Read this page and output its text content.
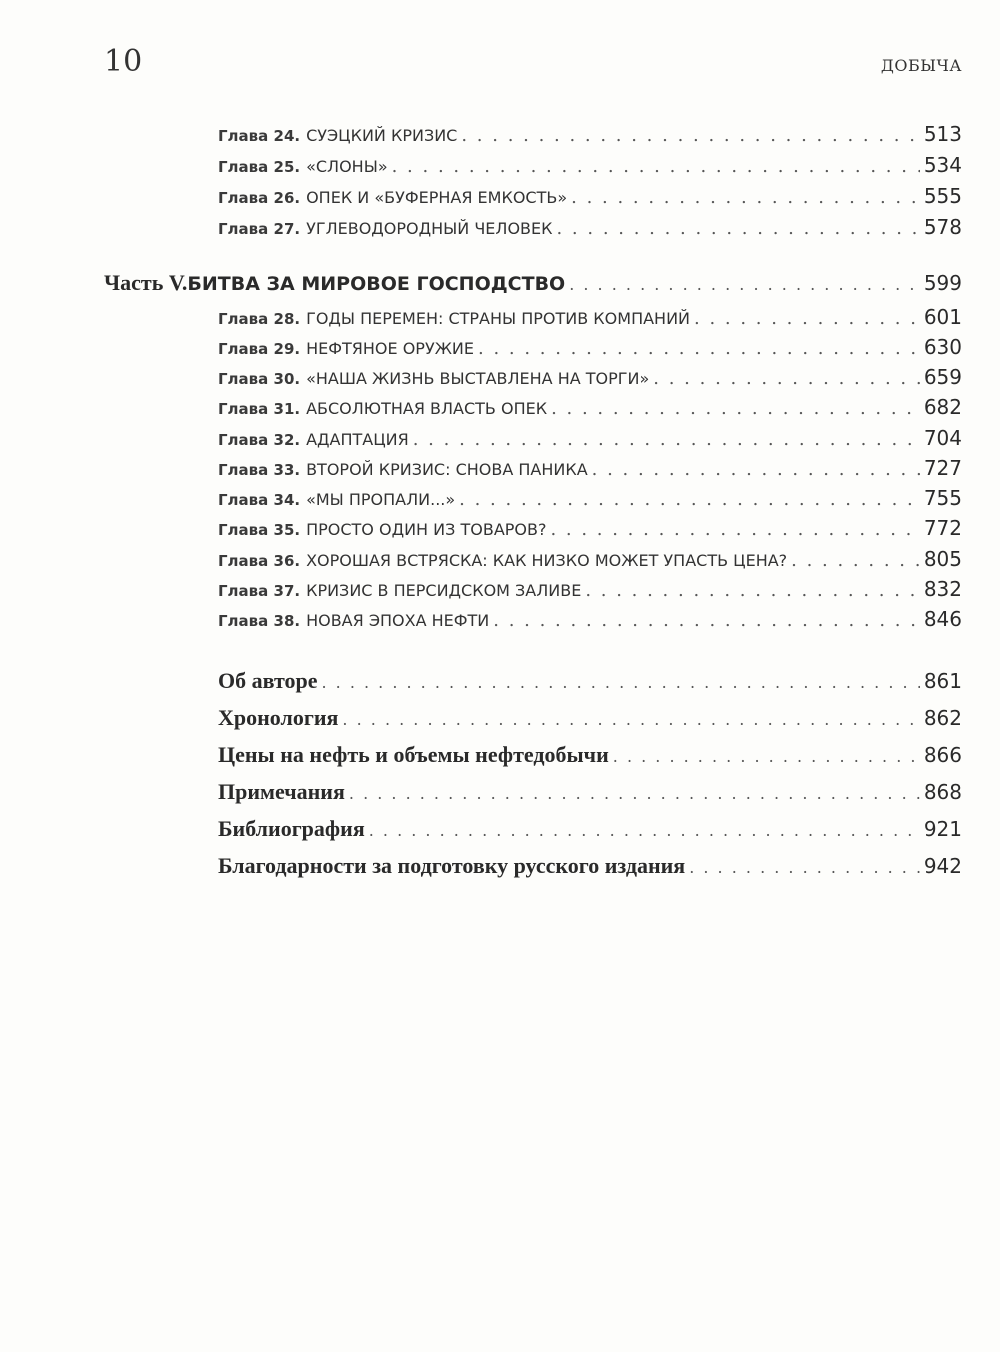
10	ДОБЫЧА
Глава 24. СУЭЦКИЙ КРИЗИС . . .	513
Глава 25. «СЛОНЫ» . . .	534
Глава 26. ОПЕК И «БУФЕРНАЯ ЕМКОСТЬ» . . .	555
Глава 27. УГЛЕВОДОРОДНЫЙ ЧЕЛОВЕК . . .	578
Часть V. БИТВА ЗА МИРОВОЕ ГОСПОДСТВО . . .	599
Глава 28. ГОДЫ ПЕРЕМЕН: СТРАНЫ ПРОТИВ КОМПАНИЙ . . .	601
Глава 29. НЕФТЯНОЕ ОРУЖИЕ . . .	630
Глава 30. «НАША ЖИЗНЬ ВЫСТАВЛЕНА НА ТОРГИ» . . .	659
Глава 31. АБСОЛЮТНАЯ ВЛАСТЬ ОПЕК . . .	682
Глава 32. АДАПТАЦИЯ . . .	704
Глава 33. ВТОРОЙ КРИЗИС: СНОВА ПАНИКА . . .	727
Глава 34. «МЫ ПРОПАЛИ...» . . .	755
Глава 35. ПРОСТО ОДИН ИЗ ТОВАРОВ? . . .	772
Глава 36. ХОРОШАЯ ВСТРЯСКА: КАК НИЗКО МОЖЕТ УПАСТЬ ЦЕНА? . . .	805
Глава 37. КРИЗИС В ПЕРСИДСКОМ ЗАЛИВЕ . . .	832
Глава 38. НОВАЯ ЭПОХА НЕФТИ . . .	846
Об авторе . . .	861
Хронология . . .	862
Цены на нефть и объемы нефтедобычи . . .	866
Примечания . . .	868
Библиография . . .	921
Благодарности за подготовку русского издания . . .	942
